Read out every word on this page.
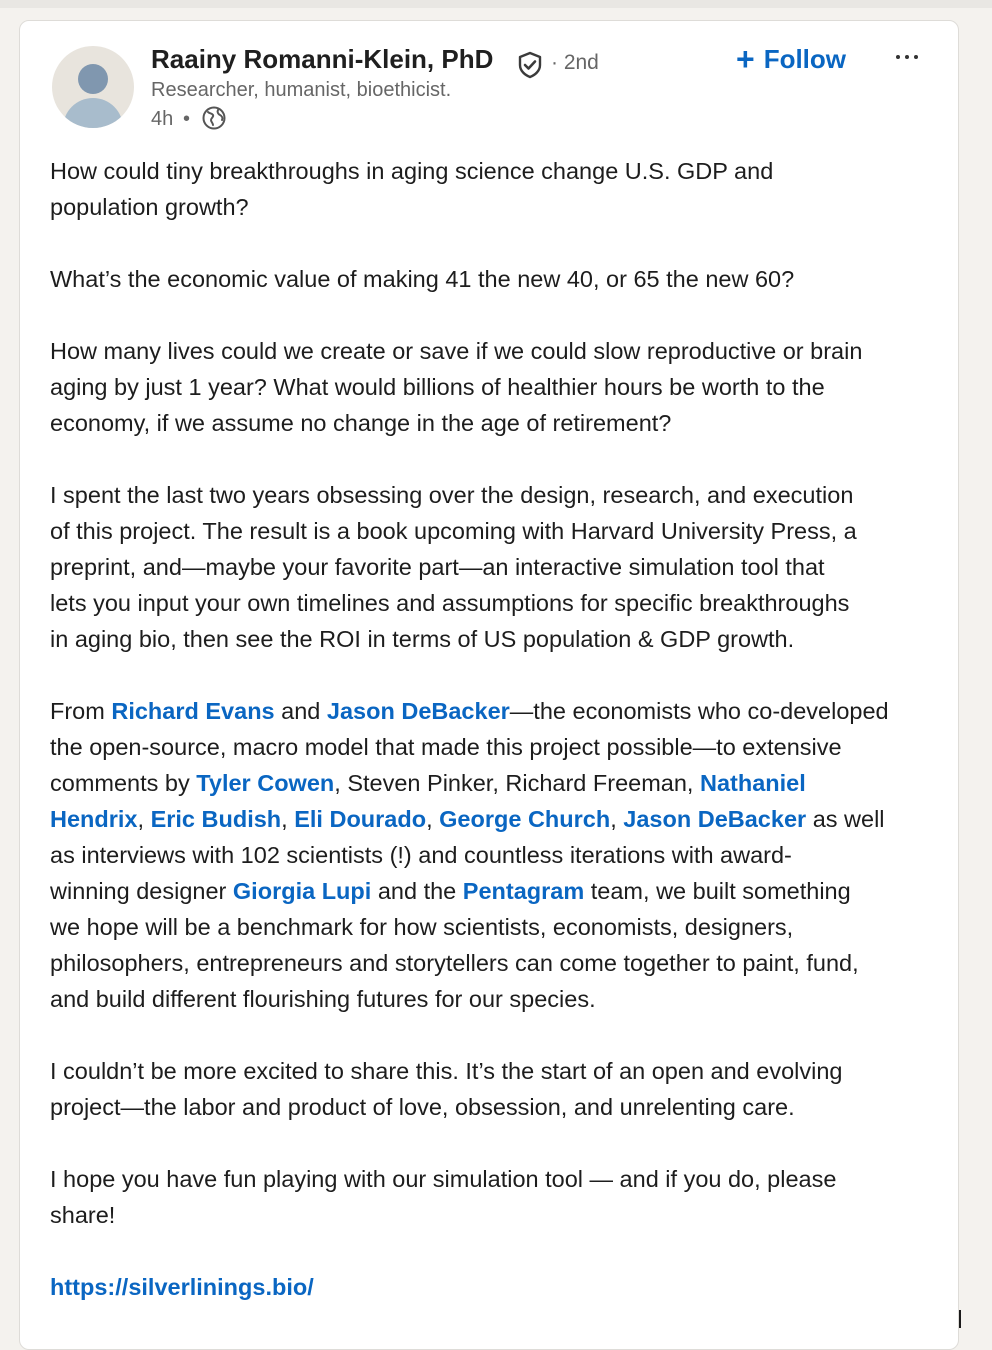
Raainy Romanni-Klein, PhD	· 2nd
Researcher, humanist, bioethicist.
4h •
+ Follow
How could tiny breakthroughs in aging science change U.S. GDP and
population growth?
What’s the economic value of making 41 the new 40, or 65 the new 60?
How many lives could we create or save if we could slow reproductive or brain
aging by just 1 year? What would billions of healthier hours be worth to the
economy, if we assume no change in the age of retirement?
I spent the last two years obsessing over the design, research, and execution
of this project. The result is a book upcoming with Harvard University Press, a
preprint, and—maybe your favorite part—an interactive simulation tool that
lets you input your own timelines and assumptions for specific breakthroughs
in aging bio, then see the ROI in terms of US population & GDP growth.
From Richard Evans and Jason DeBacker—the economists who co-developed
the open-source, macro model that made this project possible—to extensive
comments by Tyler Cowen, Steven Pinker, Richard Freeman, Nathaniel
Hendrix, Eric Budish, Eli Dourado, George Church, Jason DeBacker as well
as interviews with 102 scientists (!) and countless iterations with award-
winning designer Giorgia Lupi and the Pentagram team, we built something
we hope will be a benchmark for how scientists, economists, designers,
philosophers, entrepreneurs and storytellers can come together to paint, fund,
and build different flourishing futures for our species.
I couldn’t be more excited to share this. It’s the start of an open and evolving
project—the labor and product of love, obsession, and unrelenting care.
I hope you have fun playing with our simulation tool — and if you do, please
share!
https://silverlinings.bio/
